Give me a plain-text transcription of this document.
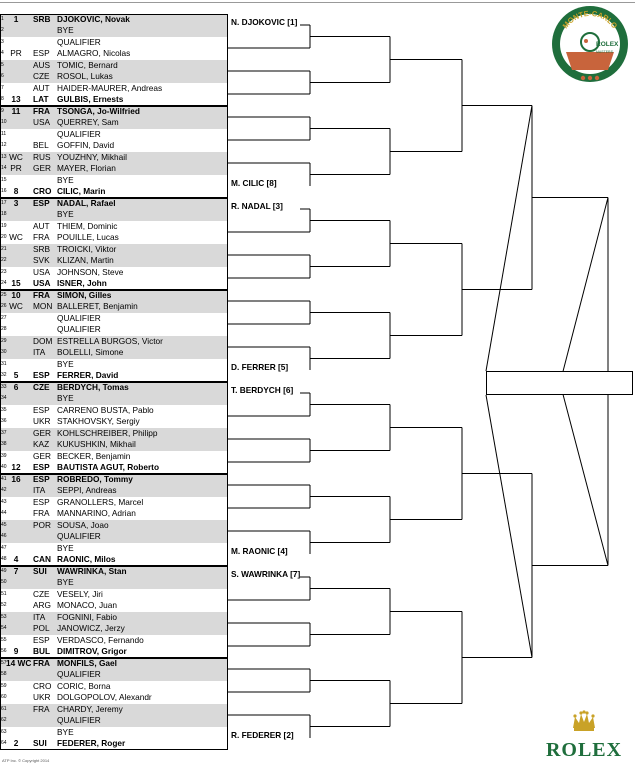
1	1	SRB DJOKOVIC, Novak
2	BYE
3	QUALIFIER
4 PR	ESP ALMAGRO, Nicolas
5	AUS TOMIC, Bernard
6	CZE ROSOL, Lukas
7	AUT HAIDER-MAURER, Andreas
8 13	LAT GULBIS, Ernests
9 11	FRA TSONGA, Jo-Wilfried
10	USA QUERREY, Sam
11	QUALIFIER
12	BEL GOFFIN, David
13 WC	RUS YOUZHNY, Mikhail
14 PR	GER MAYER, Florian
15	BYE
16 8	CRO CILIC, Marin
17 3	ESP NADAL, Rafael
18	BYE
19	AUT THIEM, Dominic
20 WC	FRA POUILLE, Lucas
21	SRB TROICKI, Viktor
22	SVK KLIZAN, Martin
23	USA JOHNSON, Steve
24 15	USA ISNER, John
25 10	FRA SIMON, Gilles
26 WC	MON BALLERET, Benjamin
27	QUALIFIER
28	QUALIFIER
29	DOM ESTRELLA BURGOS, Victor
30	ITA BOLELLI, Simone
31	BYE
32 5	ESP FERRER, David
33 6	CZE BERDYCH, Tomas
34	BYE
35	ESP CARRENO BUSTA, Pablo
36	UKR STAKHOVSKY, Sergiy
37	GER KOHLSCHREIBER, Philipp
38	KAZ KUKUSHKIN, Mikhail
39	GER BECKER, Benjamin
40 12	ESP BAUTISTA AGUT, Roberto
41 16	ESP ROBREDO, Tommy
42	ITA SEPPI, Andreas
43	ESP GRANOLLERS, Marcel
44	FRA MANNARINO, Adrian
45	POR SOUSA, Joao
46	QUALIFIER
47	BYE
48 4	CAN RAONIC, Milos
49 7	SUI WAWRINKA, Stan
50	BYE
51	CZE VESELY, Jiri
52	ARG MONACO, Juan
53	ITA FOGNINI, Fabio
54	POL JANOWICZ, Jerzy
55	ESP VERDASCO, Fernando
56 9	BUL DIMITROV, Grigor
57 14 WC FRA MONFILS, Gael
58	QUALIFIER
59	CRO CORIC, Borna
60	UKR DOLGOPOLOV, Alexandr
61	FRA CHARDY, Jeremy
62	QUALIFIER
63	BYE
64 2	SUI FEDERER, Roger
N. DJOKOVIC [1]
M. CILIC [8]
R. NADAL [3]
D. FERRER [5]
T. BERDYCH [6]
M. RAONIC [4]
S. WAWRINKA [7]
R. FEDERER [2]
MONTE-CARLO
ROLEX
MASTERS
ROLEX
ATP Inc. © Copyright 2014
